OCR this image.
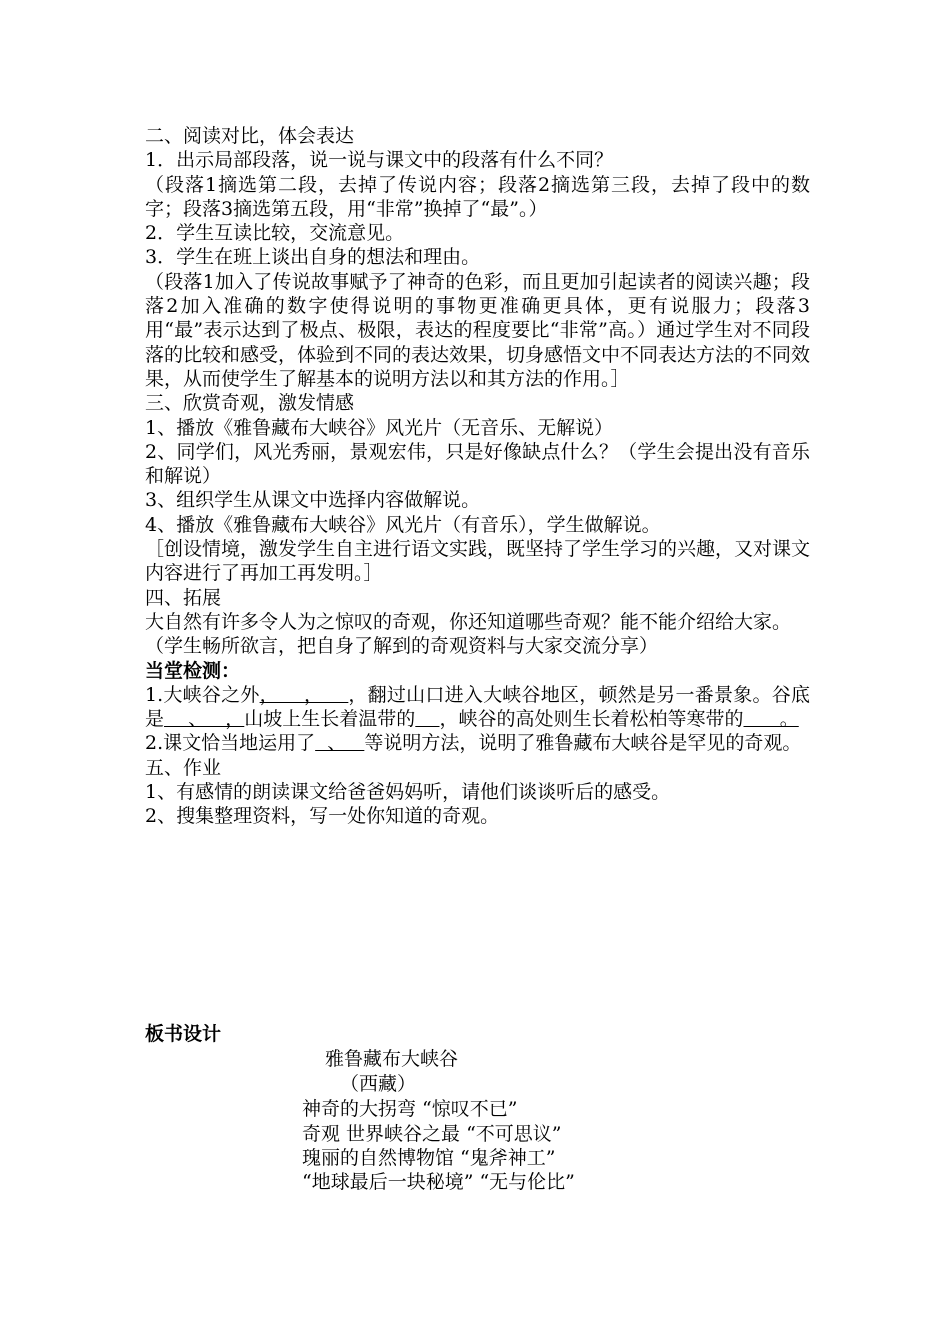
二、阅读对比，体会表达

1．出示局部段落，说一说与课文中的段落有什么不同？

（段落1摘选第二段，去掉了传说内容；段落2摘选第三段，去掉了段中的数字；段落3摘选第五段，用“非常”换掉了“最”。）

2．学生互读比较，交流意见。

3．学生在班上谈出自身的想法和理由。

（段落1加入了传说故事赋予了神奇的色彩，而且更加引起读者的阅读兴趣；段落2加入准确的数字使得说明的事物更准确更具体，更有说服力；段落3用“最”表示达到了极点、极限，表达的程度要比“非常”高。）通过学生对不同段落的比较和感受，体验到不同的表达效果，切身感悟文中不同表达方法的不同效果，从而使学生了解基本的说明方法以和其方法的作用。］

三、欣赏奇观，激发情感

1、播放《雅鲁藏布大峡谷》风光片（无音乐、无解说）

2、同学们，风光秀丽，景观宏伟，只是好像缺点什么？（学生会提出没有音乐和解说）

3、组织学生从课文中选择内容做解说。

4、播放《雅鲁藏布大峡谷》风光片（有音乐），学生做解说。

［创设情境，激发学生自主进行语文实践，既坚持了学生学习的兴趣，又对课文内容进行了再加工再发明。］

四、拓展

大自然有许多令人为之惊叹的奇观，你还知道哪些奇观？能不能介绍给大家。

（学生畅所欲言，把自身了解到的奇观资料与大家交流分享）

当堂检测：

1.大峡谷之外，    ，    ，翻过山口进入大峡谷地区，顿然是另一番景象。谷底是    、   ，山坡上生长着温带的 ，峡谷的高处则生长着松柏等寒带的      。

2.课文恰当地运用了  、   等说明方法，说明了雅鲁藏布大峡谷是罕见的奇观。

五、作业

1、有感情的朗读课文给爸爸妈妈听，请他们谈谈听后的感受。

2、搜集整理资料，写一处你知道的奇观。

板书设计
雅鲁藏布大峡谷
（西藏）
神奇的大拐弯 “惊叹不已”
奇观 世界峡谷之最 “不可思议”
瑰丽的自然博物馆 “鬼斧神工”
“地球最后一块秘境” “无与伦比”
